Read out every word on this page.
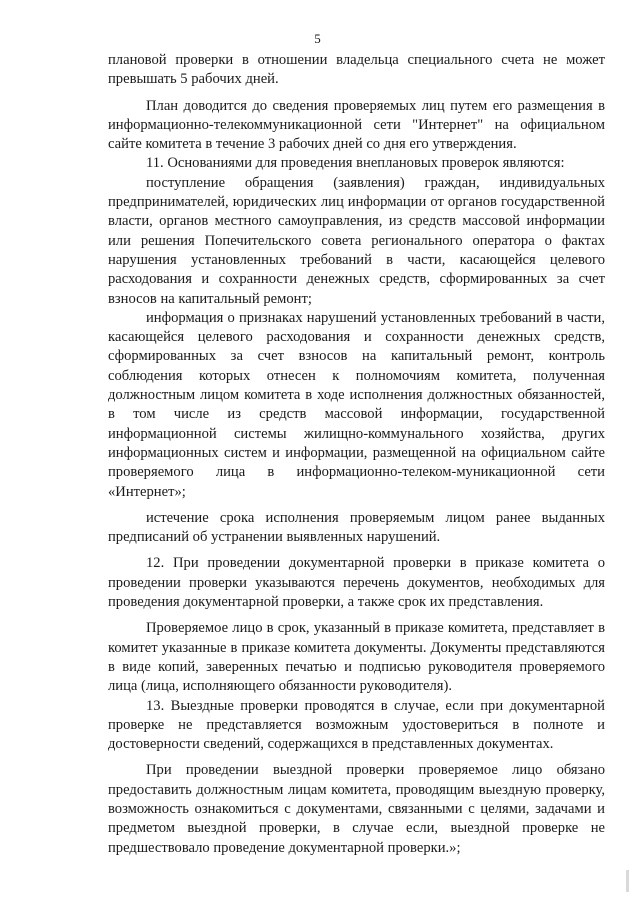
5

плановой проверки в отношении владельца специального счета не может превышать 5 рабочих дней.

План доводится до сведения проверяемых лиц путем его размещения в информационно-телекоммуникационной сети "Интернет" на официальном сайте комитета в течение 3 рабочих дней со дня его утверждения.

11. Основаниями для проведения внеплановых проверок являются:

поступление обращения (заявления) граждан, индивидуальных предпринимателей, юридических лиц информации от органов государственной власти, органов местного самоуправления, из средств массовой информации или решения Попечительского совета регионального оператора о фактах нарушения установленных требований в части, касающейся целевого расходования и сохранности денежных средств, сформированных за счет взносов на капитальный ремонт;

информация о признаках нарушений установленных требований в части, касающейся целевого расходования и сохранности денежных средств, сформированных за счет взносов на капитальный ремонт, контроль соблюдения которых отнесен к полномочиям комитета, полученная должностным лицом комитета в ходе исполнения должностных обязанностей, в том числе из средств массовой информации, государственной информационной системы жилищно-коммунального хозяйства, других информационных систем и информации, размещенной на официальном сайте проверяемого лица в информационно-телеком-муникационной сети «Интернет»;

истечение срока исполнения проверяемым лицом ранее выданных предписаний об устранении выявленных нарушений.

12. При проведении документарной проверки в приказе комитета о проведении проверки указываются перечень документов, необходимых для проведения документарной проверки, а также срок их представления.

Проверяемое лицо в срок, указанный в приказе комитета, представляет в комитет указанные в приказе комитета документы. Документы представляются в виде копий, заверенных печатью и подписью руководителя проверяемого лица (лица, исполняющего обязанности руководителя).

13. Выездные проверки проводятся в случае, если при документарной проверке не представляется возможным удостовериться в полноте и достоверности сведений, содержащихся в представленных документах.

При проведении выездной проверки проверяемое лицо обязано предоставить должностным лицам комитета, проводящим выездную проверку, возможность ознакомиться с документами, связанными с целями, задачами и предметом выездной проверки, в случае если, выездной проверке не предшествовало проведение документарной проверки.»;
